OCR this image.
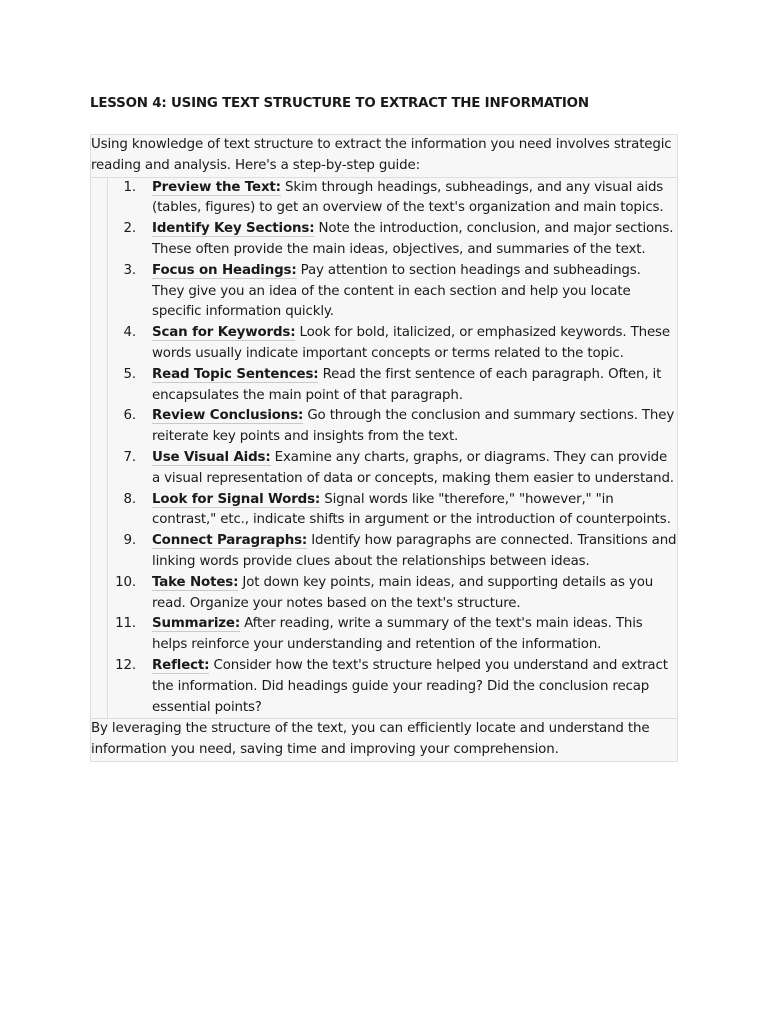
LESSON 4: USING TEXT STRUCTURE TO EXTRACT THE INFORMATION
Using knowledge of text structure to extract the information you need involves strategic reading and analysis. Here's a step-by-step guide:
1.	Preview the Text: Skim through headings, subheadings, and any visual aids (tables, figures) to get an overview of the text's organization and main topics.
2.	Identify Key Sections: Note the introduction, conclusion, and major sections. These often provide the main ideas, objectives, and summaries of the text.
3.	Focus on Headings: Pay attention to section headings and subheadings. They give you an idea of the content in each section and help you locate specific information quickly.
4.	Scan for Keywords: Look for bold, italicized, or emphasized keywords. These words usually indicate important concepts or terms related to the topic.
5.	Read Topic Sentences: Read the first sentence of each paragraph. Often, it encapsulates the main point of that paragraph.
6.	Review Conclusions: Go through the conclusion and summary sections. They reiterate key points and insights from the text.
7.	Use Visual Aids: Examine any charts, graphs, or diagrams. They can provide a visual representation of data or concepts, making them easier to understand.
8.	Look for Signal Words: Signal words like "therefore," "however," "in contrast," etc., indicate shifts in argument or the introduction of counterpoints.
9.	Connect Paragraphs: Identify how paragraphs are connected. Transitions and linking words provide clues about the relationships between ideas.
10.	Take Notes: Jot down key points, main ideas, and supporting details as you read. Organize your notes based on the text's structure.
11.	Summarize: After reading, write a summary of the text's main ideas. This helps reinforce your understanding and retention of the information.
12.	Reflect: Consider how the text's structure helped you understand and extract the information. Did headings guide your reading? Did the conclusion recap essential points?
By leveraging the structure of the text, you can efficiently locate and understand the information you need, saving time and improving your comprehension.
